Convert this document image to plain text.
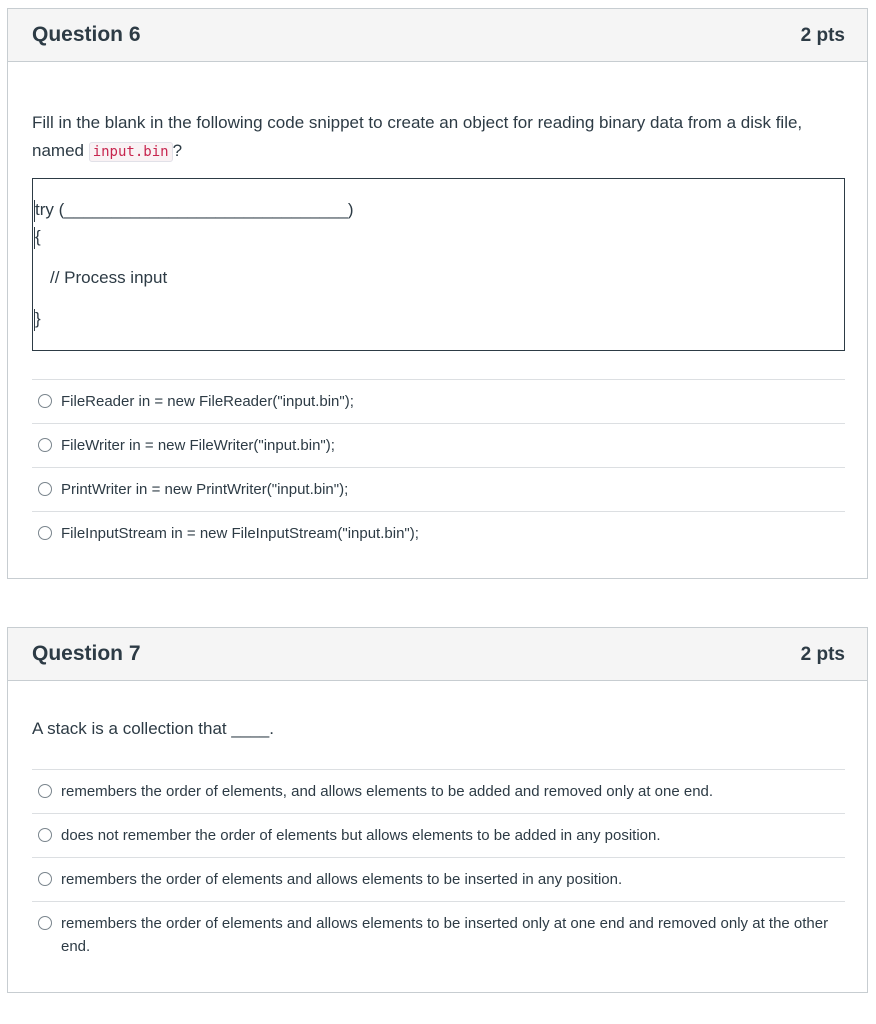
Question 6	2 pts
Fill in the blank in the following code snippet to create an object for reading binary data from a disk file, named input.bin ?
try (______________________________)
{
// Process input
}
FileReader in = new FileReader("input.bin");
FileWriter in = new FileWriter("input.bin");
PrintWriter in = new PrintWriter("input.bin");
FileInputStream in = new FileInputStream("input.bin");
Question 7	2 pts
A stack is a collection that ____.
remembers the order of elements, and allows elements to be added and removed only at one end.
does not remember the order of elements but allows elements to be added in any position.
remembers the order of elements and allows elements to be inserted in any position.
remembers the order of elements and allows elements to be inserted only at one end and removed only at the other end.
